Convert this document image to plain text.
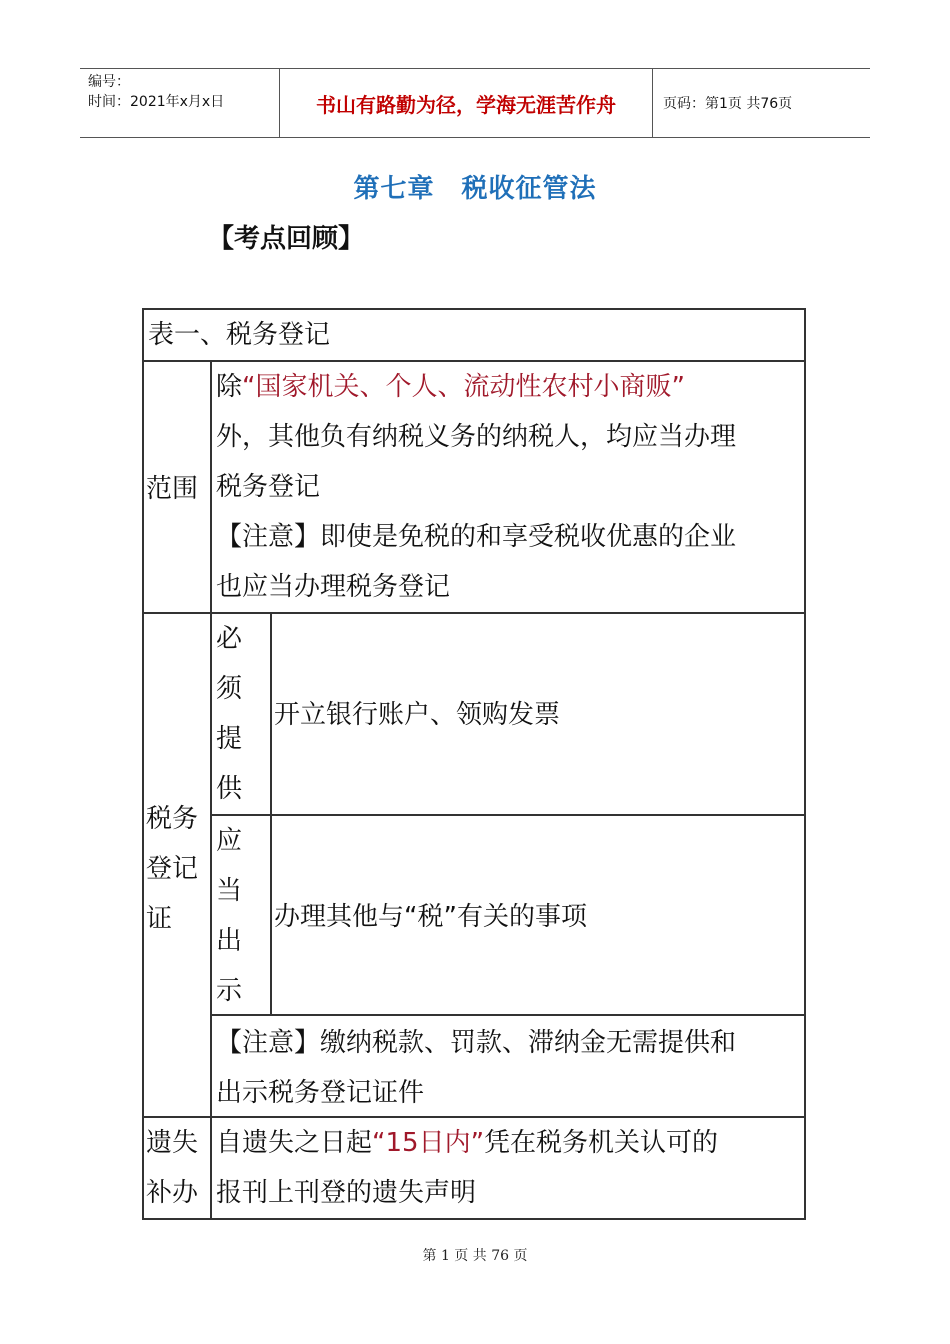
编号：
时间：2021年x月x日	书山有路勤为径，学海无涯苦作舟	页码：第1页 共76页
第七章　税收征管法
【考点回顾】
表一、税务登记
范围
除“国家机关、个人、流动性农村小商贩”
外，其他负有纳税义务的纳税人，均应当办理
税务登记
【注意】即使是免税的和享受税收优惠的企业
也应当办理税务登记
税务
登记
证
必
须
提
供
开立银行账户、领购发票
应
当
出
示
办理其他与“税”有关的事项
【注意】缴纳税款、罚款、滞纳金无需提供和
出示税务登记证件
遗失
补办
自遗失之日起“15日内”凭在税务机关认可的
报刊上刊登的遗失声明
第 1 页 共 76 页
